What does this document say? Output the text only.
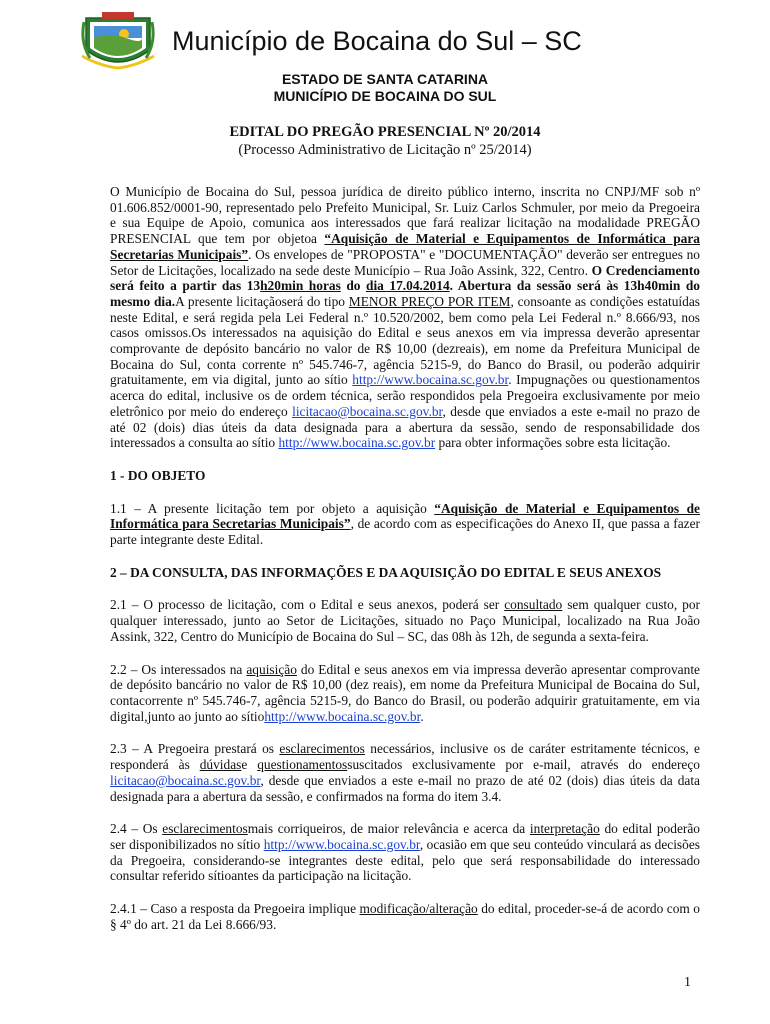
Município de Bocaina do Sul – SC
ESTADO DE SANTA CATARINA
MUNICÍPIO DE BOCAINA DO SUL
EDITAL DO PREGÃO PRESENCIAL Nº 20/2014
(Processo Administrativo de Licitação nº 25/2014)

O Município de Bocaina do Sul, pessoa jurídica de direito público interno, inscrita no CNPJ/MF sob nº 01.606.852/0001-90, representado pelo Prefeito Municipal, Sr. Luiz Carlos Schmuler, por meio da Pregoeira e sua Equipe de Apoio, comunica aos interessados que fará realizar licitação na modalidade PREGÃO PRESENCIAL que tem por objetoa “Aquisição de Material e Equipamentos de Informática para Secretarias Municipais”. Os envelopes de "PROPOSTA" e "DOCUMENTAÇÃO" deverão ser entregues no Setor de Licitações, localizado na sede deste Município – Rua João Assink, 322, Centro. O Credenciamento será feito a partir das 13h20min horas do dia 17.04.2014. Abertura da sessão será às 13h40min do mesmo dia.A presente licitaçãoserá do tipo MENOR PREÇO POR ITEM, consoante as condições estatuídas neste Edital, e será regida pela Lei Federal n.º 10.520/2002, bem como pela Lei Federal n.º 8.666/93, nos casos omissos.Os interessados na aquisição do Edital e seus anexos em via impressa deverão apresentar comprovante de depósito bancário no valor de R$ 10,00 (dezreais), em nome da Prefeitura Municipal de Bocaina do Sul, conta corrente nº 545.746-7, agência 5215-9, do Banco do Brasil, ou poderão adquirir gratuitamente, em via digital, junto ao sítio http://www.bocaina.sc.gov.br. Impugnações ou questionamentos acerca do edital, inclusive os de ordem técnica, serão respondidos pela Pregoeira exclusivamente por meio eletrônico por meio do endereço licitacao@bocaina.sc.gov.br, desde que enviados a este e-mail no prazo de até 02 (dois) dias úteis da data designada para a abertura da sessão, sendo de responsabilidade dos interessados a consulta ao sítio http://www.bocaina.sc.gov.br para obter informações sobre esta licitação.

1 - DO OBJETO

1.1 – A presente licitação tem por objeto a aquisição “Aquisição de Material e Equipamentos de Informática para Secretarias Municipais”, de acordo com as especificações do Anexo II, que passa a fazer parte integrante deste Edital.

2 – DA CONSULTA, DAS INFORMAÇÕES E DA AQUISIÇÃO DO EDITAL E SEUS ANEXOS

2.1 – O processo de licitação, com o Edital e seus anexos, poderá ser consultado sem qualquer custo, por qualquer interessado, junto ao Setor de Licitações, situado no Paço Municipal, localizado na Rua João Assink, 322, Centro do Município de Bocaina do Sul – SC, das 08h às 12h, de segunda a sexta-feira.

2.2 – Os interessados na aquisição do Edital e seus anexos em via impressa deverão apresentar comprovante de depósito bancário no valor de R$ 10,00 (dez reais), em nome da Prefeitura Municipal de Bocaina do Sul, contacorrente nº 545.746-7, agência 5215-9, do Banco do Brasil, ou poderão adquirir gratuitamente, em via digital,junto ao junto ao sítiohttp://www.bocaina.sc.gov.br.

2.3 – A Pregoeira prestará os esclarecimentos necessários, inclusive os de caráter estritamente técnicos, e responderá às dúvidase questionamentossuscitados exclusivamente por e-mail, através do endereço licitacao@bocaina.sc.gov.br, desde que enviados a este e-mail no prazo de até 02 (dois) dias úteis da data designada para a abertura da sessão, e confirmados na forma do item 3.4.

2.4 – Os esclarecimentosmais corriqueiros, de maior relevância e acerca da interpretação do edital poderão ser disponibilizados no sítio http://www.bocaina.sc.gov.br, ocasião em que seu conteúdo vinculará as decisões da Pregoeira, considerando-se integrantes deste edital, pelo que será responsabilidade do interessado consultar referido sítioantes da participação na licitação.

2.4.1 – Caso a resposta da Pregoeira implique modificação/alteração do edital, proceder-se-á de acordo com o § 4º do art. 21 da Lei 8.666/93.

1
